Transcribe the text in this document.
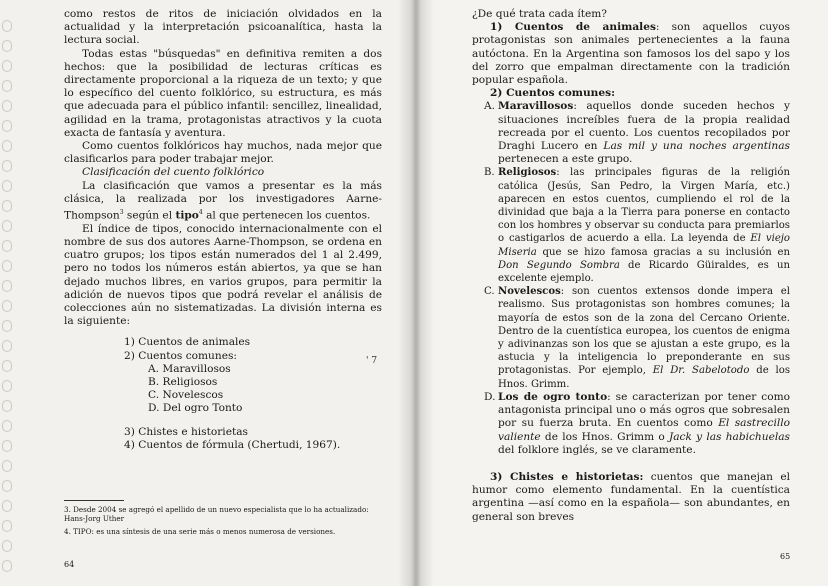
como restos de ritos de iniciación olvidados en la actualidad y la interpretación psicoanalítica, hasta la lectura social.

Todas estas "búsquedas" en definitiva remiten a dos hechos: que la posibilidad de lecturas críticas es directamente proporcional a la riqueza de un texto; y que lo específico del cuento folklórico, su estructura, es más que adecuada para el público infantil: sencillez, linealidad, agilidad en la trama, protagonistas atractivos y la cuota exacta de fantasía y aventura.

Como cuentos folklóricos hay muchos, nada mejor que clasificarlos para poder trabajar mejor.

Clasificación del cuento folklórico

La clasificación que vamos a presentar es la más clásica, la realizada por los investigadores Aarne-Thompson$^3$ según el tipo$^4$ al que pertenecen los cuentos.

El índice de tipos, conocido internacionalmente con el nombre de sus dos autores Aarne-Thompson, se ordena en cuatro grupos; los tipos están numerados del 1 al 2.499, pero no todos los números están abiertos, ya que se han dejado muchos libres, en varios grupos, para permitir la adición de nuevos tipos que podrá revelar el análisis de colecciones aún no sistematizadas. La división interna es la siguiente:

1) Cuentos de animales
2) Cuentos comunes:
A. Maravillosos
B. Religiosos
C. Novelescos
D. Del ogro Tonto
3) Chistes e historietas
4) Cuentos de fórmula (Chertudi, 1967).
' 7

3. Desde 2004 se agregó el apellido de un nuevo especialista que lo ha actualizado: Hans-Jorg Uther

4. TIPO: es una síntesis de una serie más o menos numerosa de versiones.

64

¿De qué trata cada ítem?

1) Cuentos de animales: son aquellos cuyos protagonistas son animales pertenecientes a la fauna autóctona. En la Argentina son famosos los del sapo y los del zorro que empalman directamente con la tradición popular española.

2) Cuentos comunes:

A. Maravillosos: aquellos donde suceden hechos y situaciones increíbles fuera de la propia realidad recreada por el cuento. Los cuentos recopilados por Draghi Lucero en Las mil y una noches argentinas pertenecen a este grupo.

B. Religiosos: las principales figuras de la religión católica (Jesús, San Pedro, la Virgen María, etc.) aparecen en estos cuentos, cumpliendo el rol de la divinidad que baja a la Tierra para ponerse en contacto con los hombres y observar su conducta para premiarlos o castigarlos de acuerdo a ella. La leyenda de El viejo Miseria que se hizo famosa gracias a su inclusión en Don Segundo Sombra de Ricardo Güiraldes, es un excelente ejemplo.

C. Novelescos: son cuentos extensos donde impera el realismo. Sus protagonistas son hombres comunes; la mayoría de estos son de la zona del Cercano Oriente. Dentro de la cuentística europea, los cuentos de enigma y adivinanzas son los que se ajustan a este grupo, es la astucia y la inteligencia lo preponderante en sus protagonistas. Por ejemplo, El Dr. Sabelotodo de los Hnos. Grimm.

D. Los de ogro tonto: se caracterizan por tener como antagonista principal uno o más ogros que sobresalen por su fuerza bruta. En cuentos como El sastrecillo valiente de los Hnos. Grimm o Jack y las habichuelas del folklore inglés, se ve claramente.

3) Chistes e historietas: cuentos que manejan el humor como elemento fundamental. En la cuentística argentina —así como en la española— son abundantes, en general son breves

65
